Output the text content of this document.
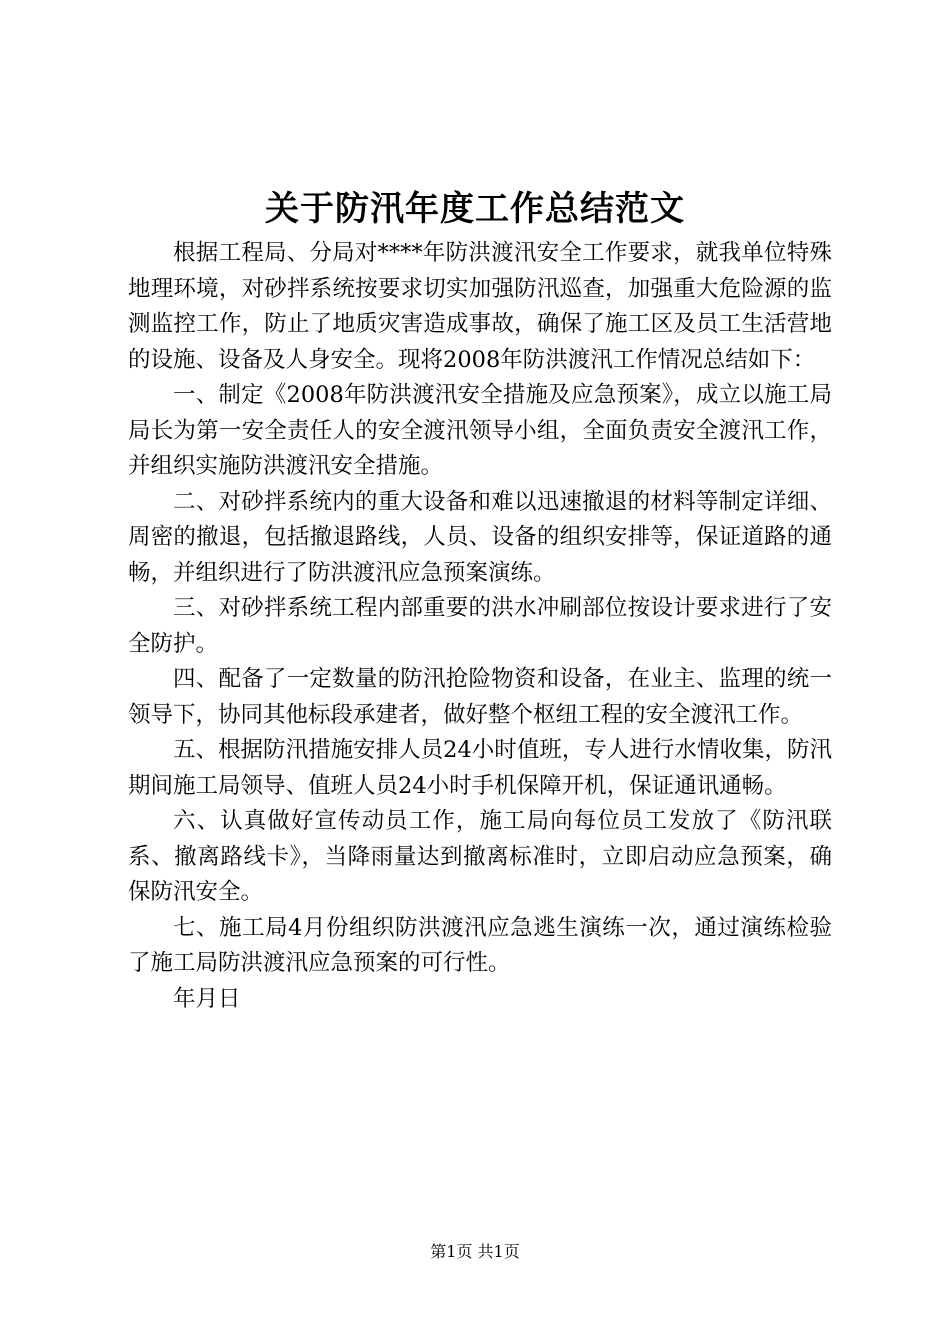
关于防汛年度工作总结范文

根据工程局、分局对****年防洪渡汛安全工作要求，就我单位特殊地理环境，对砂拌系统按要求切实加强防汛巡查，加强重大危险源的监测监控工作，防止了地质灾害造成事故，确保了施工区及员工生活营地的设施、设备及人身安全。现将2008年防洪渡汛工作情况总结如下：

一、制定《2008年防洪渡汛安全措施及应急预案》，成立以施工局局长为第一安全责任人的安全渡汛领导小组，全面负责安全渡汛工作，并组织实施防洪渡汛安全措施。

二、对砂拌系统内的重大设备和难以迅速撤退的材料等制定详细、周密的撤退，包括撤退路线，人员、设备的组织安排等，保证道路的通畅，并组织进行了防洪渡汛应急预案演练。

三、对砂拌系统工程内部重要的洪水冲刷部位按设计要求进行了安全防护。

四、配备了一定数量的防汛抢险物资和设备，在业主、监理的统一领导下，协同其他标段承建者，做好整个枢纽工程的安全渡汛工作。

五、根据防汛措施安排人员24小时值班，专人进行水情收集，防汛期间施工局领导、值班人员24小时手机保障开机，保证通讯通畅。

六、认真做好宣传动员工作，施工局向每位员工发放了《防汛联系、撤离路线卡》，当降雨量达到撤离标准时，立即启动应急预案，确保防汛安全。

七、施工局4月份组织防洪渡汛应急逃生演练一次，通过演练检验了施工局防洪渡汛应急预案的可行性。

年月日

第1页 共1页
